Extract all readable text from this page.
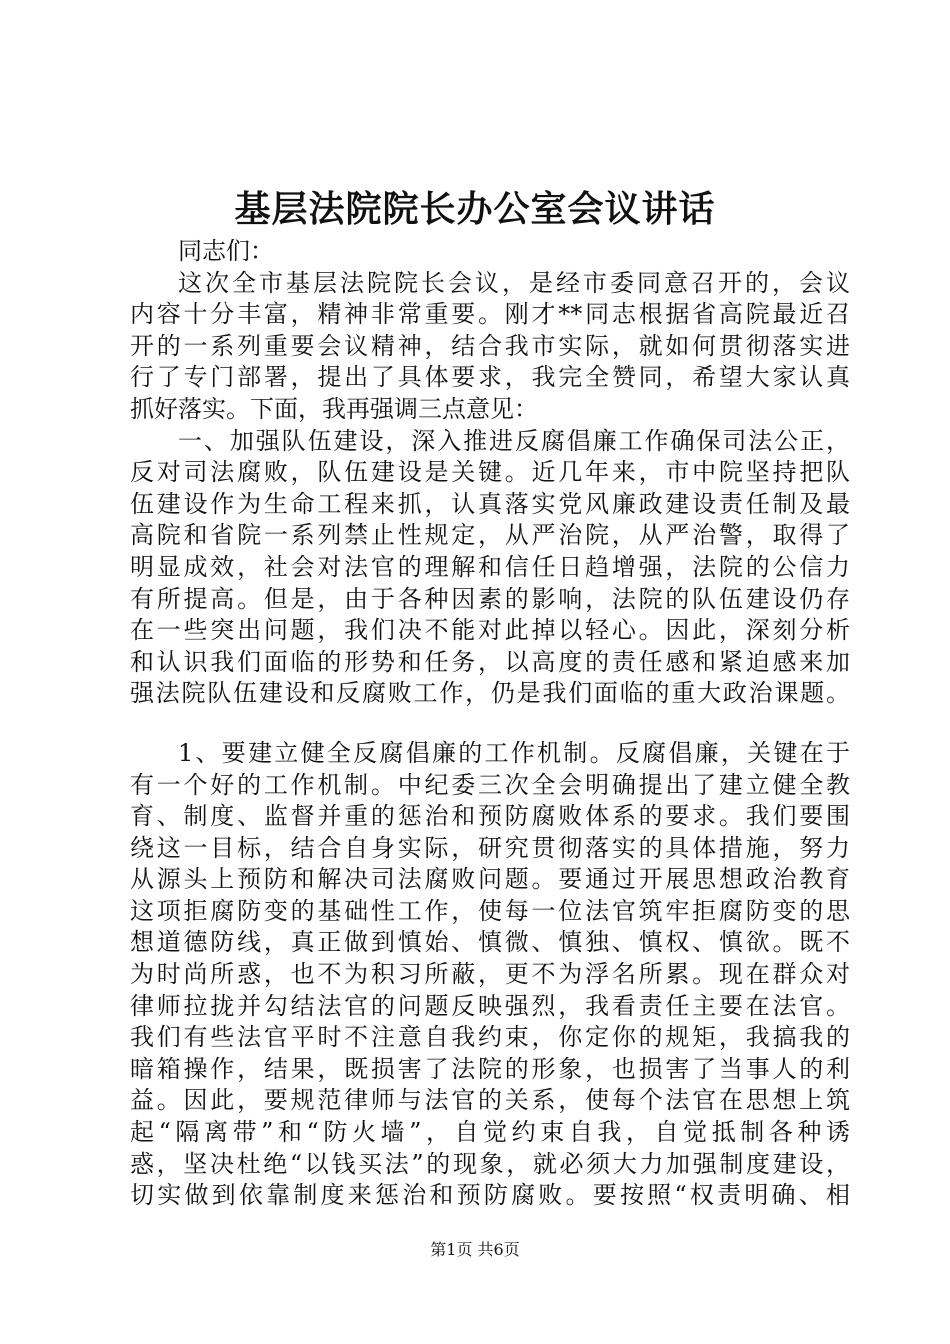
基层法院院长办公室会议讲话
同志们：
这次全市基层法院院长会议，是经市委同意召开的，会议
内容十分丰富，精神非常重要。刚才**同志根据省高院最近召
开的一系列重要会议精神，结合我市实际，就如何贯彻落实进
行了专门部署，提出了具体要求，我完全赞同，希望大家认真
抓好落实。下面，我再强调三点意见：
一、加强队伍建设，深入推进反腐倡廉工作确保司法公正，
反对司法腐败，队伍建设是关键。近几年来，市中院坚持把队
伍建设作为生命工程来抓，认真落实党风廉政建设责任制及最
高院和省院一系列禁止性规定，从严治院，从严治警，取得了
明显成效，社会对法官的理解和信任日趋增强，法院的公信力
有所提高。但是，由于各种因素的影响，法院的队伍建设仍存
在一些突出问题，我们决不能对此掉以轻心。因此，深刻分析
和认识我们面临的形势和任务，以高度的责任感和紧迫感来加
强法院队伍建设和反腐败工作，仍是我们面临的重大政治课题。
1、要建立健全反腐倡廉的工作机制。反腐倡廉，关键在于
有一个好的工作机制。中纪委三次全会明确提出了建立健全教
育、制度、监督并重的惩治和预防腐败体系的要求。我们要围
绕这一目标，结合自身实际，研究贯彻落实的具体措施，努力
从源头上预防和解决司法腐败问题。要通过开展思想政治教育
这项拒腐防变的基础性工作，使每一位法官筑牢拒腐防变的思
想道德防线，真正做到慎始、慎微、慎独、慎权、慎欲。既不
为时尚所惑，也不为积习所蔽，更不为浮名所累。现在群众对
律师拉拢并勾结法官的问题反映强烈，我看责任主要在法官。
我们有些法官平时不注意自我约束，你定你的规矩，我搞我的
暗箱操作，结果，既损害了法院的形象，也损害了当事人的利
益。因此，要规范律师与法官的关系，使每个法官在思想上筑
起“隔离带”和“防火墙”，自觉约束自我，自觉抵制各种诱
惑，坚决杜绝“以钱买法”的现象，就必须大力加强制度建设，
切实做到依靠制度来惩治和预防腐败。要按照“权责明确、相
第1页 共6页
